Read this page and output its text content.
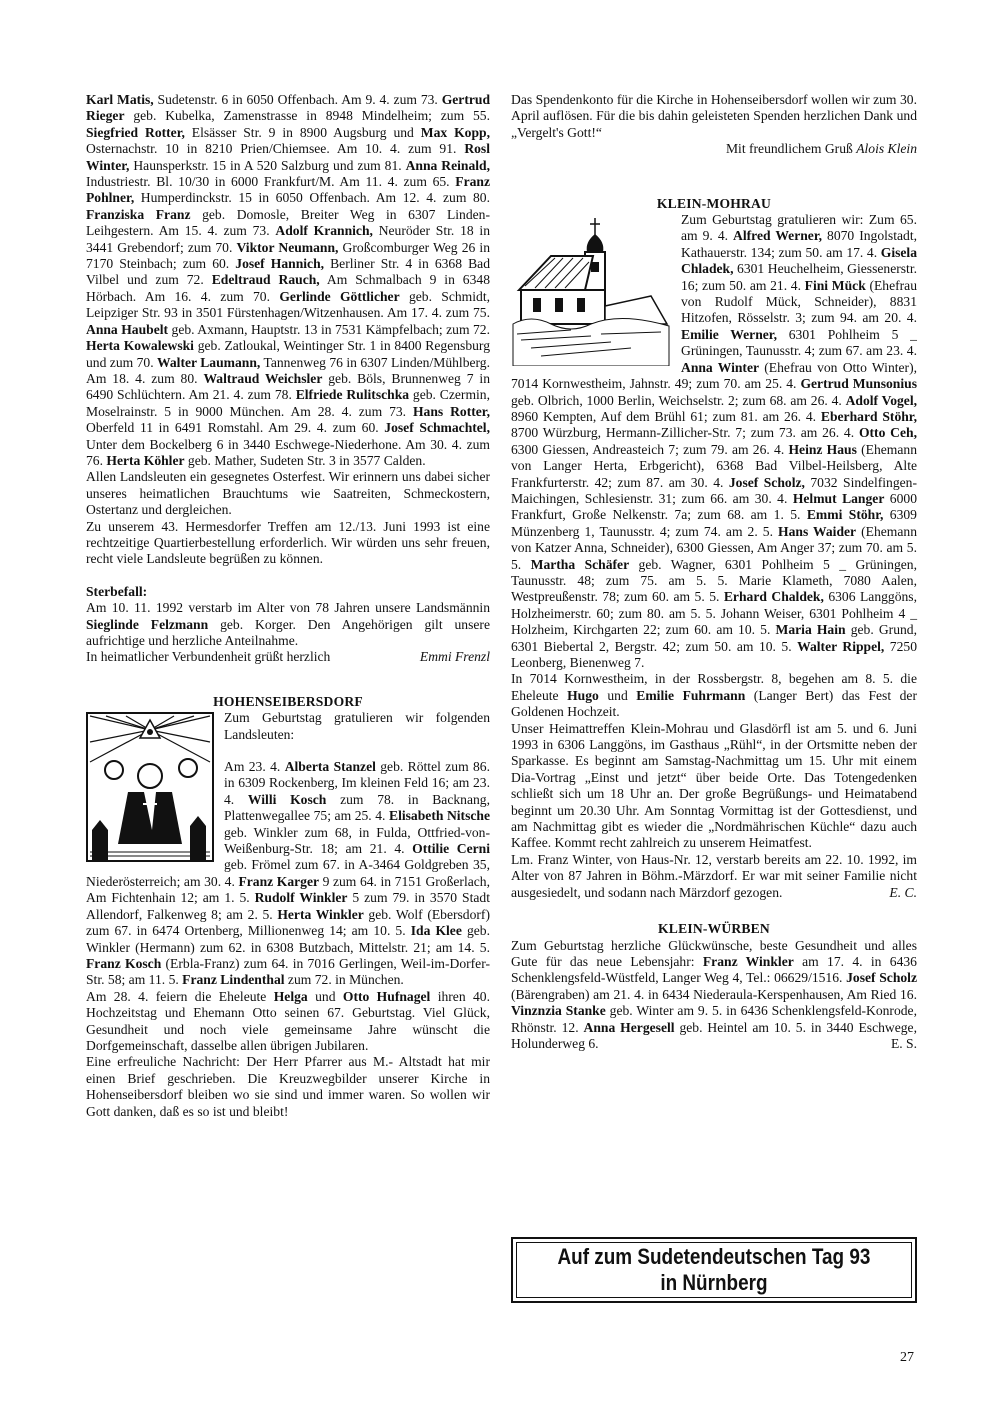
Karl Matis, Sudetenstr. 6 in 6050 Offenbach. Am 9. 4. zum 73. Gertrud Rieger geb. Kubelka, Zamenstrasse in 8948 Mindelheim; zum 55. Siegfried Rotter, Elsässer Str. 9 in 8900 Augsburg und Max Kopp, Osternachstr. 10 in 8210 Prien/Chiemsee. Am 10. 4. zum 91. Rosl Winter, Haunsperkstr. 15 in A 520 Salzburg und zum 81. Anna Reinald, Industriestr. Bl. 10/30 in 6000 Frankfurt/M. Am 11. 4. zum 65. Franz Pohlner, Humperdinckstr. 15 in 6050 Offenbach. Am 12. 4. zum 80. Franziska Franz geb. Domosle, Breiter Weg in 6307 Linden-Leihgestern. Am 15. 4. zum 73. Adolf Krannich, Neuröder Str. 18 in 3441 Grebendorf; zum 70. Viktor Neumann, Großcomburger Weg 26 in 7170 Steinbach; zum 60. Josef Hannich, Berliner Str. 4 in 6368 Bad Vilbel und zum 72. Edeltraud Rauch, Am Schmalbach 9 in 6348 Hörbach. Am 16. 4. zum 70. Gerlinde Göttlicher geb. Schmidt, Leipziger Str. 93 in 3501 Fürstenhagen/Witzenhausen. Am 17. 4. zum 75. Anna Haubelt geb. Axmann, Hauptstr. 13 in 7531 Kämpfelbach; zum 72. Herta Kowalewski geb. Zatloukal, Weintinger Str. 1 in 8400 Regensburg und zum 70. Walter Laumann, Tannenweg 76 in 6307 Linden/Mühlberg. Am 18. 4. zum 80. Waltraud Weichsler geb. Böls, Brunnenweg 7 in 6490 Schlüchtern. Am 21. 4. zum 78. Elfriede Rulitschka geb. Czermin, Moselrainstr. 5 in 9000 München. Am 28. 4. zum 73. Hans Rotter, Oberfeld 11 in 6491 Romstahl. Am 29. 4. zum 60. Josef Schmachtel, Unter dem Bockelberg 6 in 3440 Eschwege-Niederhone. Am 30. 4. zum 76. Herta Köhler geb. Mather, Sudeten Str. 3 in 3577 Calden.

Allen Landsleuten ein gesegnetes Osterfest. Wir erinnern uns dabei sicher unseres heimatlichen Brauchtums wie Saatreiten, Schmeckostern, Ostertanz und dergleichen.

Zu unserem 43. Hermesdorfer Treffen am 12./13. Juni 1993 ist eine rechtzeitige Quartierbestellung erforderlich. Wir würden uns sehr freuen, recht viele Landsleute begrüßen zu können.

Sterbefall:

Am 10. 11. 1992 verstarb im Alter von 78 Jahren unsere Landsmännin Sieglinde Felzmann geb. Korger. Den Angehörigen gilt unsere aufrichtige und herzliche Anteilnahme.

In heimatlicher Verbundenheit grüßt herzlich	Emmi Frenzl

HOHENSEIBERSDORF

Zum Geburtstag gratulieren wir folgenden Landsleuten:

Am 23. 4. Alberta Stanzel geb. Röttel zum 86. in 6309 Rockenberg, Im kleinen Feld 16; am 23. 4. Willi Kosch zum 78. in Backnang, Plattenwegallee 75; am 25. 4. Elisabeth Nitsche geb. Winkler zum 68, in Fulda, Ottfried-von-Weißenburg-Str. 18; am 21. 4. Ottilie Cerni geb. Frömel zum 67. in A-3464 Goldgreben 35, Niederösterreich; am 30. 4. Franz Karger 9 zum 64. in 7151 Großerlach, Am Fichtenhain 12; am 1. 5. Rudolf Winkler 5 zum 79. in 3570 Stadt Allendorf, Falkenweg 8; am 2. 5. Herta Winkler geb. Wolf (Ebersdorf) zum 67. in 6474 Ortenberg, Millionenweg 14; am 10. 5. Ida Klee geb. Winkler (Hermann) zum 62. in 6308 Butzbach, Mittelstr. 21; am 14. 5. Franz Kosch (Erbla-Franz) zum 64. in 7016 Gerlingen, Weil-im-Dorfer-Str. 58; am 11. 5. Franz Lindenthal zum 72. in München.

Am 28. 4. feiern die Eheleute Helga und Otto Hufnagel ihren 40. Hochzeitstag und Ehemann Otto seinen 67. Geburtstag. Viel Glück, Gesundheit und noch viele gemeinsame Jahre wünscht die Dorfgemeinschaft, dasselbe allen übrigen Jubilaren.

Eine erfreuliche Nachricht: Der Herr Pfarrer aus M.- Altstadt hat mir einen Brief geschrieben. Die Kreuzwegbilder unserer Kirche in Hohenseibersdorf bleiben wo sie sind und immer waren. So wollen wir Gott danken, daß es so ist und bleibt!

Das Spendenkonto für die Kirche in Hohenseibersdorf wollen wir zum 30. April auflösen. Für die bis dahin geleisteten Spenden herzlichen Dank und „Vergelt's Gott!“

Mit freundlichem Gruß Alois Klein

KLEIN-MOHRAU

Zum Geburtstag gratulieren wir: Zum 65. am 9. 4. Alfred Werner, 8070 Ingolstadt, Kathauerstr. 134; zum 50. am 17. 4. Gisela Chladek, 6301 Heuchelheim, Giessenerstr. 16; zum 50. am 21. 4. Fini Mück (Ehefrau von Rudolf Mück, Schneider), 8831 Hitzofen, Rösselstr. 3; zum 94. am 20. 4. Emilie Werner, 6301 Pohlheim 5 _ Grüningen, Taunusstr. 4; zum 67. am 23. 4. Anna Winter (Ehefrau von Otto Winter), 7014 Kornwestheim, Jahnstr. 49; zum 70. am 25. 4. Gertrud Munsonius geb. Olbrich, 1000 Berlin, Weichselstr. 2; zum 68. am 26. 4. Adolf Vogel, 8960 Kempten, Auf dem Brühl 61; zum 81. am 26. 4. Eberhard Stöhr, 8700 Würzburg, Hermann-Zillicher-Str. 7; zum 73. am 26. 4. Otto Ceh, 6300 Giessen, Andreasteich 7; zum 79. am 26. 4. Heinz Haus (Ehemann von Langer Herta, Erbgericht), 6368 Bad Vilbel-Heilsberg, Alte Frankfurterstr. 42; zum 87. am 30. 4. Josef Scholz, 7032 Sindelfingen-Maichingen, Schlesienstr. 31; zum 66. am 30. 4. Helmut Langer 6000 Frankfurt, Große Nelkenstr. 7a; zum 68. am 1. 5. Emmi Stöhr, 6309 Münzenberg 1, Taunusstr. 4; zum 74. am 2. 5. Hans Waider (Ehemann von Katzer Anna, Schneider), 6300 Giessen, Am Anger 37; zum 70. am 5. 5. Martha Schäfer geb. Wagner, 6301 Pohlheim 5 _ Grüningen, Taunusstr. 48; zum 75. am 5. 5. Marie Klameth, 7080 Aalen, Westpreußenstr. 78; zum 60. am 5. 5. Erhard Chaldek, 6306 Langgöns, Holzheimerstr. 60; zum 80. am 5. 5. Johann Weiser, 6301 Pohlheim 4 _ Holzheim, Kirchgarten 22; zum 60. am 10. 5. Maria Hain geb. Grund, 6301 Biebertal 2, Bergstr. 42; zum 50. am 10. 5. Walter Rippel, 7250 Leonberg, Bienenweg 7.

In 7014 Kornwestheim, in der Rossbergstr. 8, begehen am 8. 5. die Eheleute Hugo und Emilie Fuhrmann (Langer Bert) das Fest der Goldenen Hochzeit.

Unser Heimattreffen Klein-Mohrau und Glasdörfl ist am 5. und 6. Juni 1993 in 6306 Langgöns, im Gasthaus „Rühl“, in der Ortsmitte neben der Sparkasse. Es beginnt am Samstag-Nachmittag um 15. Uhr mit einem Dia-Vortrag „Einst und jetzt“ über beide Orte. Das Totengedenken schließt sich um 18 Uhr an. Der große Begrüßungs- und Heimatabend beginnt um 20.30 Uhr. Am Sonntag Vormittag ist der Gottesdienst, und am Nachmittag gibt es wieder die „Nordmährischen Küchle“ dazu auch Kaffee. Kommt recht zahlreich zu unserem Heimatfest.

Lm. Franz Winter, von Haus-Nr. 12, verstarb bereits am 22. 10. 1992, im Alter von 87 Jahren in Böhm.-Märzdorf. Er war mit seiner Familie nicht ausgesiedelt, und sodann nach Märzdorf gezogen.	E. C.

KLEIN-WÜRBEN

Zum Geburtstag herzliche Glückwünsche, beste Gesundheit und alles Gute für das neue Lebensjahr: Franz Winkler am 17. 4. in 6436 Schenklengsfeld-Wüstfeld, Langer Weg 4, Tel.: 06629/1516. Josef Scholz (Bärengraben) am 21. 4. in 6434 Niederaula-Kerspenhausen, Am Ried 16. Vinznzia Stanke geb. Winter am 9. 5. in 6436 Schenklengsfeld-Konrode, Rhönstr. 12. Anna Hergesell geb. Heintel am 10. 5. in 3440 Eschwege, Holunderweg 6.	E. S.

Auf zum Sudetendeutschen Tag 93
in Nürnberg
27
